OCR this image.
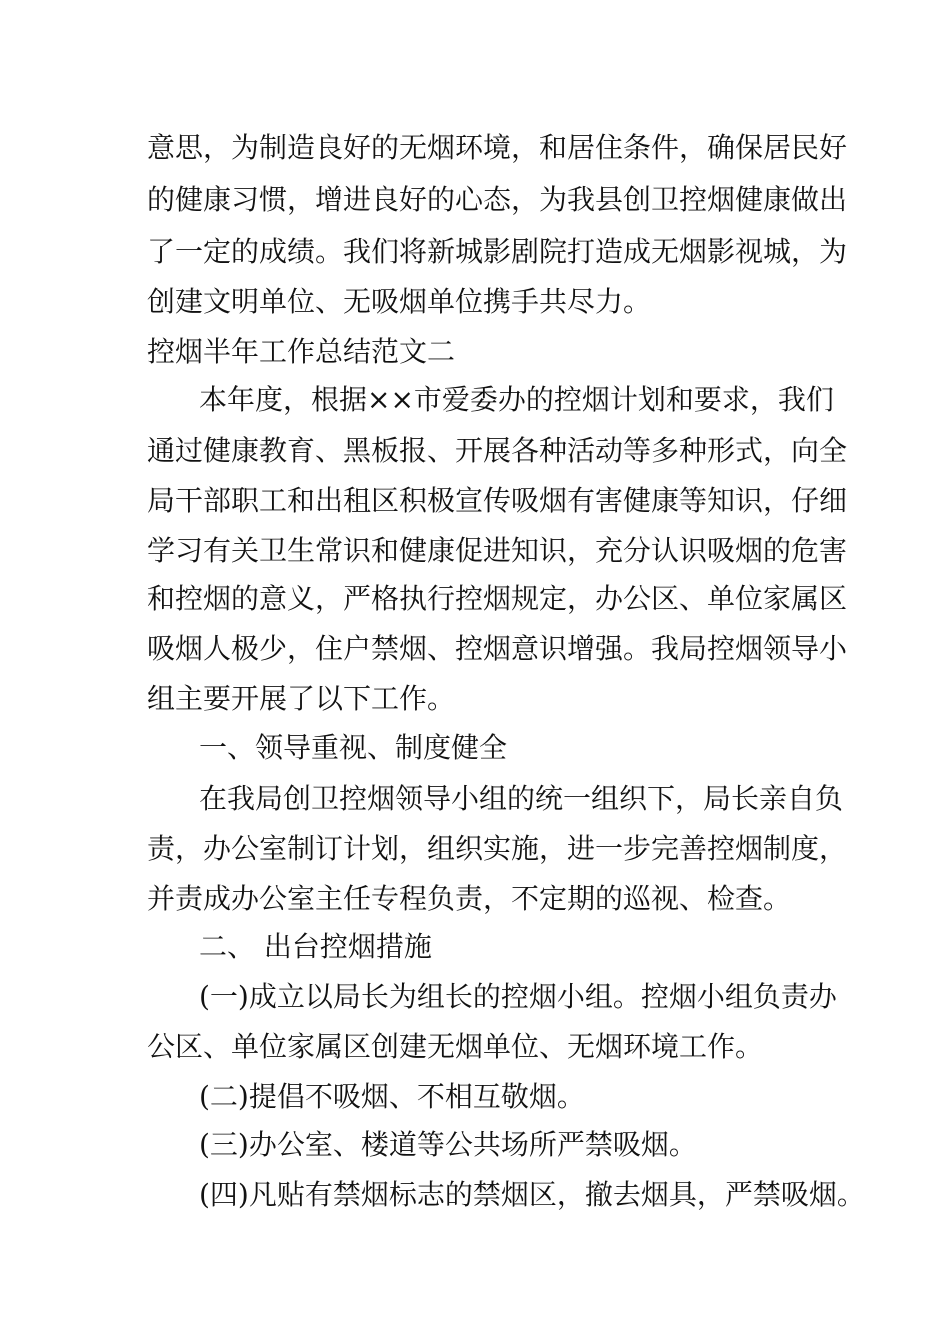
意思，为制造良好的无烟环境，和居住条件，确保居民好
的健康习惯，增进良好的心态，为我县创卫控烟健康做出
了一定的成绩。我们将新城影剧院打造成无烟影视城，为
创建文明单位、无吸烟单位携手共尽力。
控烟半年工作总结范文二
本年度，根据××市爱委办的控烟计划和要求，我们
通过健康教育、黑板报、开展各种活动等多种形式，向全
局干部职工和出租区积极宣传吸烟有害健康等知识，仔细
学习有关卫生常识和健康促进知识，充分认识吸烟的危害
和控烟的意义，严格执行控烟规定，办公区、单位家属区
吸烟人极少，住户禁烟、控烟意识增强。我局控烟领导小
组主要开展了以下工作。
一、领导重视、制度健全
在我局创卫控烟领导小组的统一组织下，局长亲自负
责，办公室制订计划，组织实施，进一步完善控烟制度，
并责成办公室主任专程负责，不定期的巡视、检查。
二、 出台控烟措施
(一)成立以局长为组长的控烟小组。控烟小组负责办
公区、单位家属区创建无烟单位、无烟环境工作。
(二)提倡不吸烟、不相互敬烟。
(三)办公室、楼道等公共场所严禁吸烟。
(四)凡贴有禁烟标志的禁烟区，撤去烟具，严禁吸烟。
